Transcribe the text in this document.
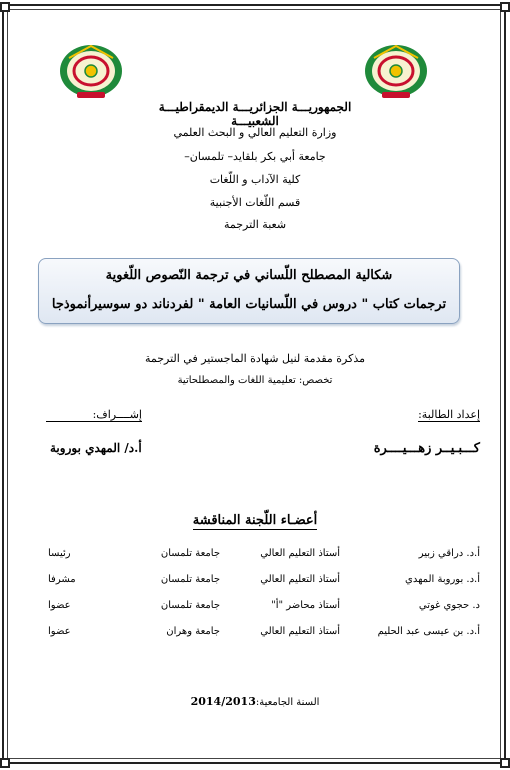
الجمهوريـــة الجزائريـــة الديمقراطيـــة الشعبيـــة
وزارة التعليم العالي و البحث العلمي
جامعة أبي بكر بلقايد– تلمسان–
كلية الآداب و اللّغات
قسم اللّغات الأجنبية
شعبة الترجمة
شكالية المصطلح اللّساني في ترجمة النّصوص اللّغوية
ترجمات كتاب " دروس في اللّسانيات العامة " لفردناند دو سوسيرأنموذجا
مذكرة مقدمة لنيل شهادة الماجستير في الترجمة
تخصص: تعليمية اللغات والمصطلحاتية
إعداد الطالبة:
إشــــراف:
كـــبـيــر زهـــيــــرة
أ.د/ المهدي بوروبة
أعضـاء اللّجنة المناقشة
أ.د. دراقي زبير
أستاذ التعليم العالي
جامعة تلمسان
رئيسا
أ.د. بوروبة المهدي
أستاذ التعليم العالي
جامعة تلمسان
مشرفا
د. حجوي غوتي
أستاذ محاضر "أ"
جامعة تلمسان
عضوا
أ.د. بن عيسى عبد الحليم
أستاذ التعليم العالي
جامعة وهران
عضوا
السنة الجامعية:2014/2013
